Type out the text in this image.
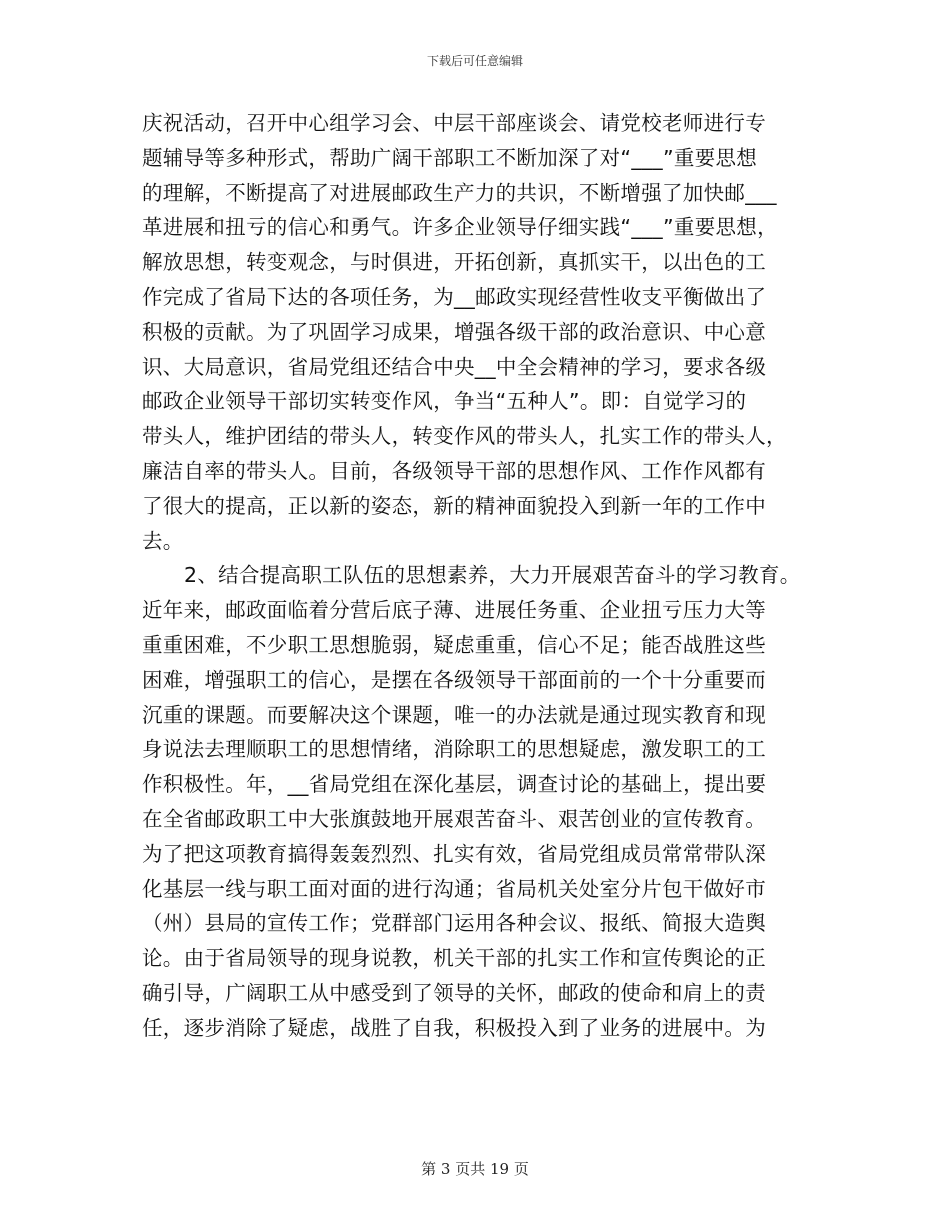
下载后可任意编辑
庆祝活动，召开中心组学习会、中层干部座谈会、请党校老师进行专
题辅导等多种形式，帮助广阔干部职工不断加深了对“___”重要思想
的理解，不断提高了对进展邮政生产力的共识，不断增强了加快邮___
革进展和扭亏的信心和勇气。许多企业领导仔细实践“___”重要思想，
解放思想，转变观念，与时俱进，开拓创新，真抓实干，以出色的工
作完成了省局下达的各项任务，为__邮政实现经营性收支平衡做出了
积极的贡献。为了巩固学习成果，增强各级干部的政治意识、中心意
识、大局意识，省局党组还结合中央__中全会精神的学习，要求各级
邮政企业领导干部切实转变作风，争当“五种人”。即：自觉学习的
带头人，维护团结的带头人，转变作风的带头人，扎实工作的带头人，
廉洁自率的带头人。目前，各级领导干部的思想作风、工作作风都有
了很大的提高，正以新的姿态，新的精神面貌投入到新一年的工作中
去。
2、结合提高职工队伍的思想素养，大力开展艰苦奋斗的学习教育。
近年来，邮政面临着分营后底子薄、进展任务重、企业扭亏压力大等
重重困难，不少职工思想脆弱，疑虑重重，信心不足；能否战胜这些
困难，增强职工的信心，是摆在各级领导干部面前的一个十分重要而
沉重的课题。而要解决这个课题，唯一的办法就是通过现实教育和现
身说法去理顺职工的思想情绪，消除职工的思想疑虑，激发职工的工
作积极性。年，__省局党组在深化基层，调查讨论的基础上，提出要
在全省邮政职工中大张旗鼓地开展艰苦奋斗、艰苦创业的宣传教育。
为了把这项教育搞得轰轰烈烈、扎实有效，省局党组成员常常带队深
化基层一线与职工面对面的进行沟通；省局机关处室分片包干做好市
（州）县局的宣传工作；党群部门运用各种会议、报纸、简报大造舆
论。由于省局领导的现身说教，机关干部的扎实工作和宣传舆论的正
确引导，广阔职工从中感受到了领导的关怀，邮政的使命和肩上的责
任，逐步消除了疑虑，战胜了自我，积极投入到了业务的进展中。为
第 3 页共 19 页
